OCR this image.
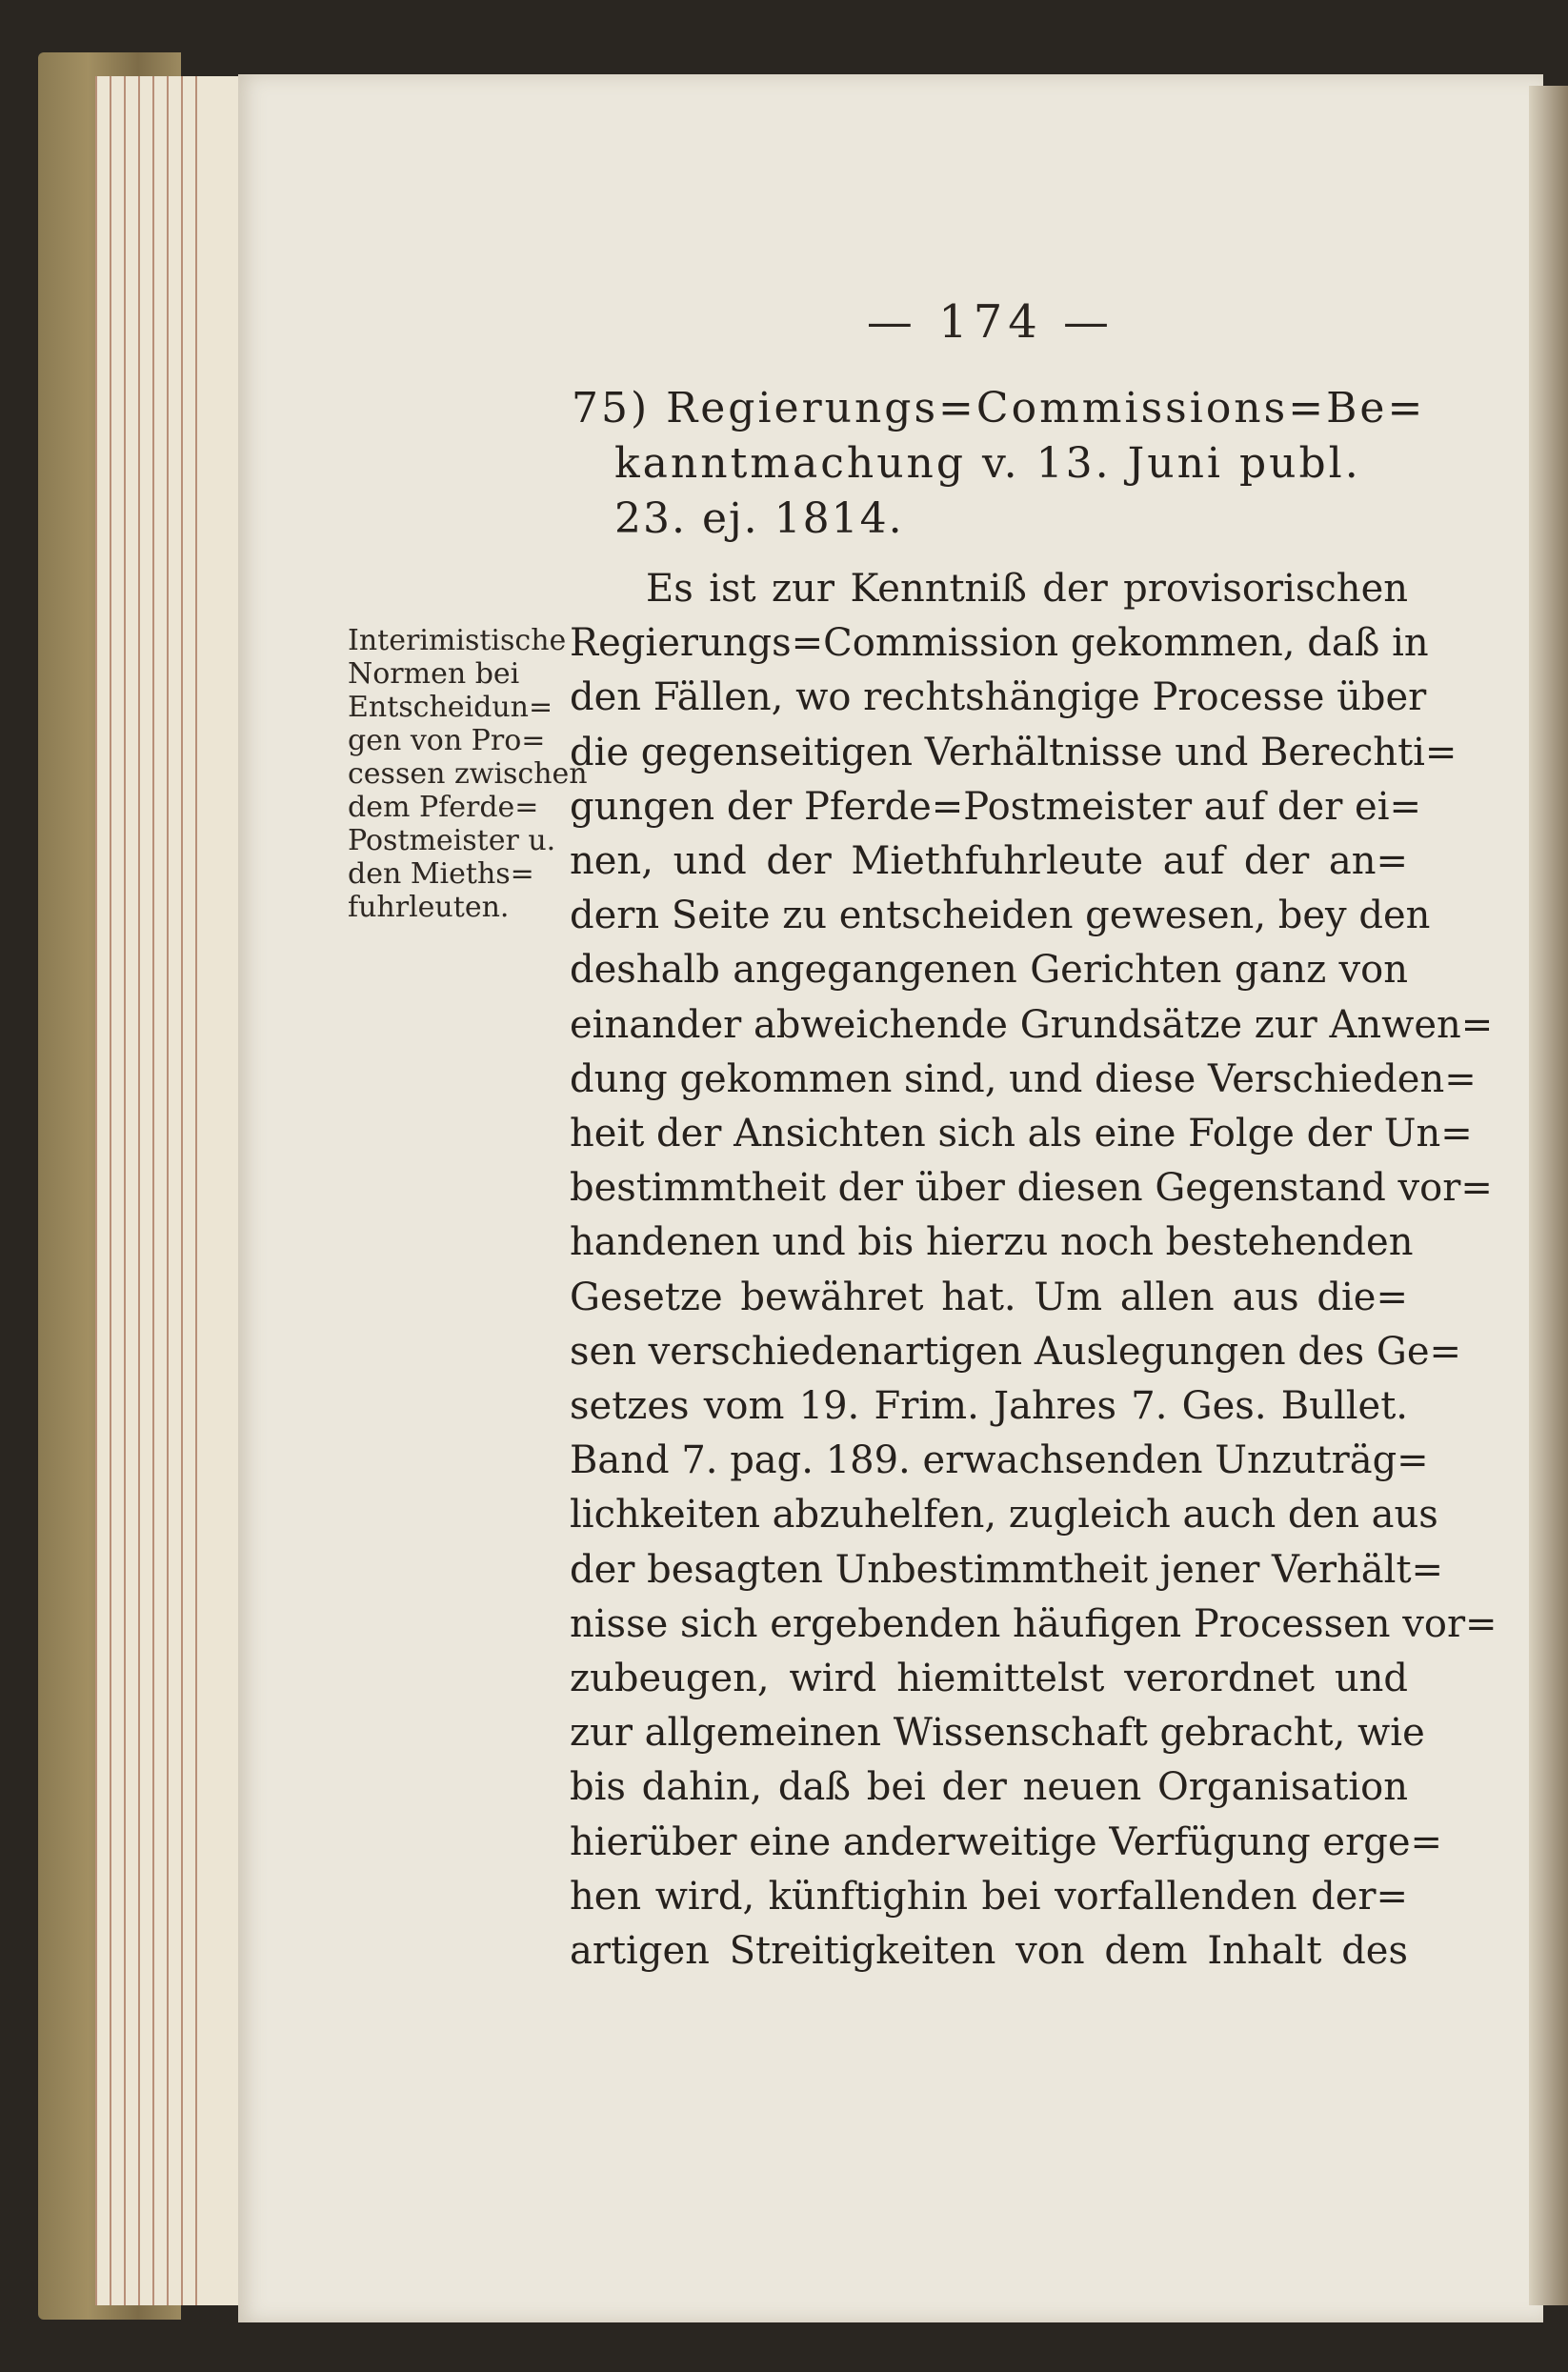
— 174 —
75) Regierungs=Commissions=Be=
kanntmachung v. 13. Juni publ.
23. ej. 1814.
Interimistische
Normen bei
Entscheidun=
gen von Pro=
cessen zwischen
dem Pferde=
Postmeister u.
den Mieths=
fuhrleuten.
Es ist zur Kenntniß der provisorischen
Regierungs=Commission gekommen, daß in
den Fällen, wo rechtshängige Processe über
die gegenseitigen Verhältnisse und Berechti=
gungen der Pferde=Postmeister auf der ei=
nen, und der Miethfuhrleute auf der an=
dern Seite zu entscheiden gewesen, bey den
deshalb angegangenen Gerichten ganz von
einander abweichende Grundsätze zur Anwen=
dung gekommen sind, und diese Verschieden=
heit der Ansichten sich als eine Folge der Un=
bestimmtheit der über diesen Gegenstand vor=
handenen und bis hierzu noch bestehenden
Gesetze bewähret hat. Um allen aus die=
sen verschiedenartigen Auslegungen des Ge=
setzes vom 19. Frim. Jahres 7. Ges. Bullet.
Band 7. pag. 189. erwachsenden Unzuträg=
lichkeiten abzuhelfen, zugleich auch den aus
der besagten Unbestimmtheit jener Verhält=
nisse sich ergebenden häufigen Processen vor=
zubeugen, wird hiemittelst verordnet und
zur allgemeinen Wissenschaft gebracht, wie
bis dahin, daß bei der neuen Organisation
hierüber eine anderweitige Verfügung erge=
hen wird, künftighin bei vorfallenden der=
artigen Streitigkeiten von dem Inhalt des
